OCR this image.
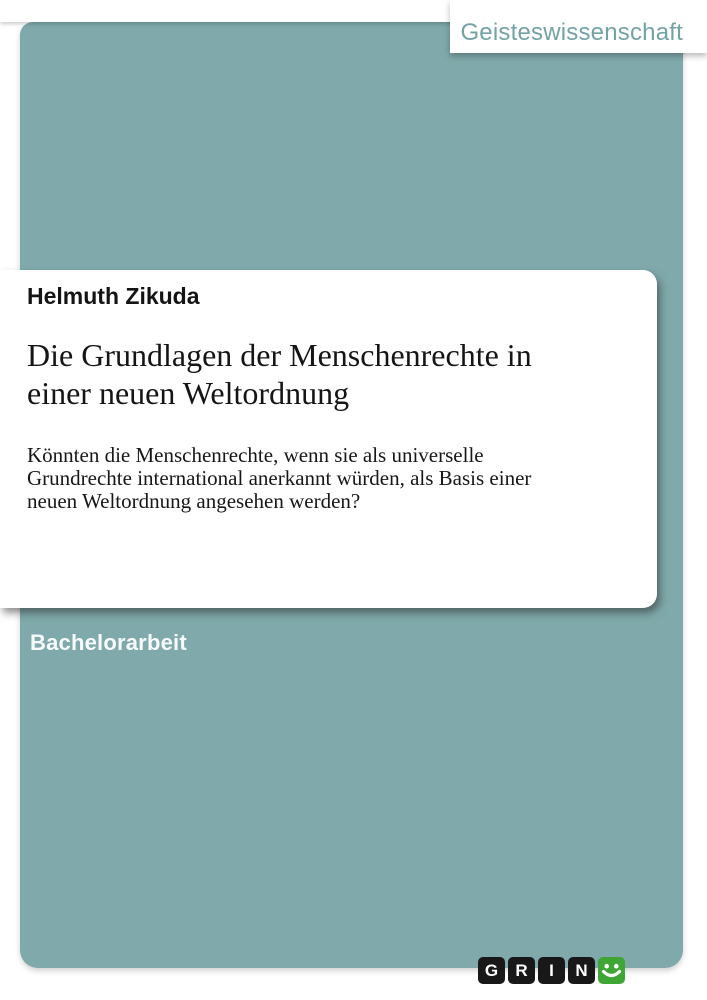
Geisteswissenschaft
Helmuth Zikuda
Die Grundlagen der Menschenrechte in einer neuen Weltordnung

Könnten die Menschenrechte, wenn sie als universelle Grundrechte international anerkannt würden, als Basis einer neuen Weltordnung angesehen werden?

Bachelorarbeit
G	R	I	N
